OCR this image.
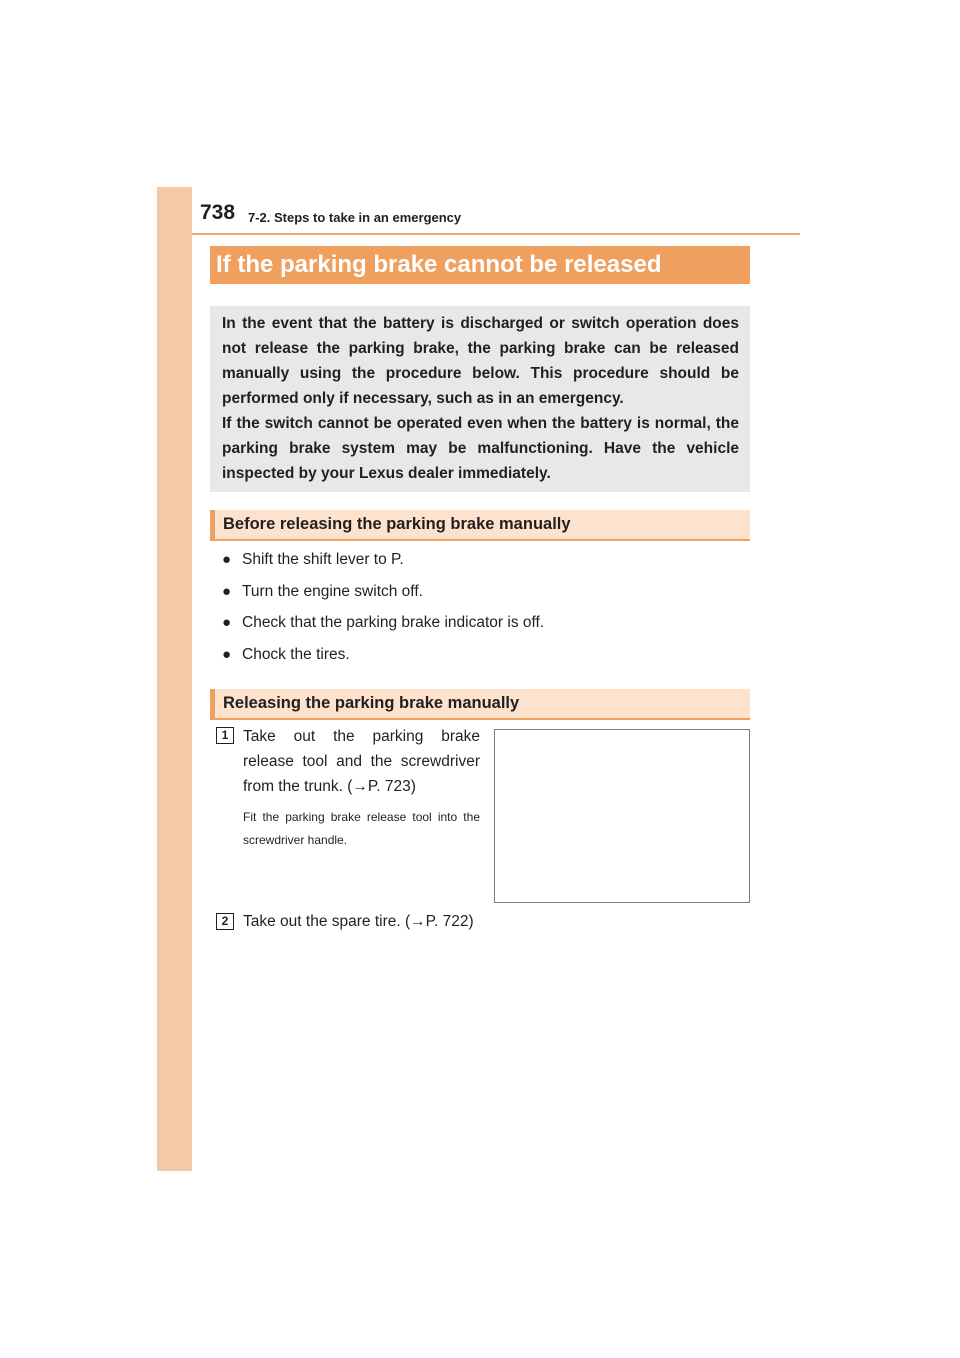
738 7-2. Steps to take in an emergency
If the parking brake cannot be released

In the event that the battery is discharged or switch operation does not release the parking brake, the parking brake can be released manually using the procedure below. This procedure should be performed only if necessary, such as in an emergency.

If the switch cannot be operated even when the battery is normal, the parking brake system may be malfunctioning. Have the vehicle inspected by your Lexus dealer immediately.

Before releasing the parking brake manually
● Shift the shift lever to P.
● Turn the engine switch off.
● Check that the parking brake indicator is off.
● Chock the tires.
Releasing the parking brake manually
1 Take out the parking brake release tool and the screwdriver from the trunk. (→P. 723)
Fit the parking brake release tool into the screwdriver handle.
2 Take out the spare tire. (→P. 722)
